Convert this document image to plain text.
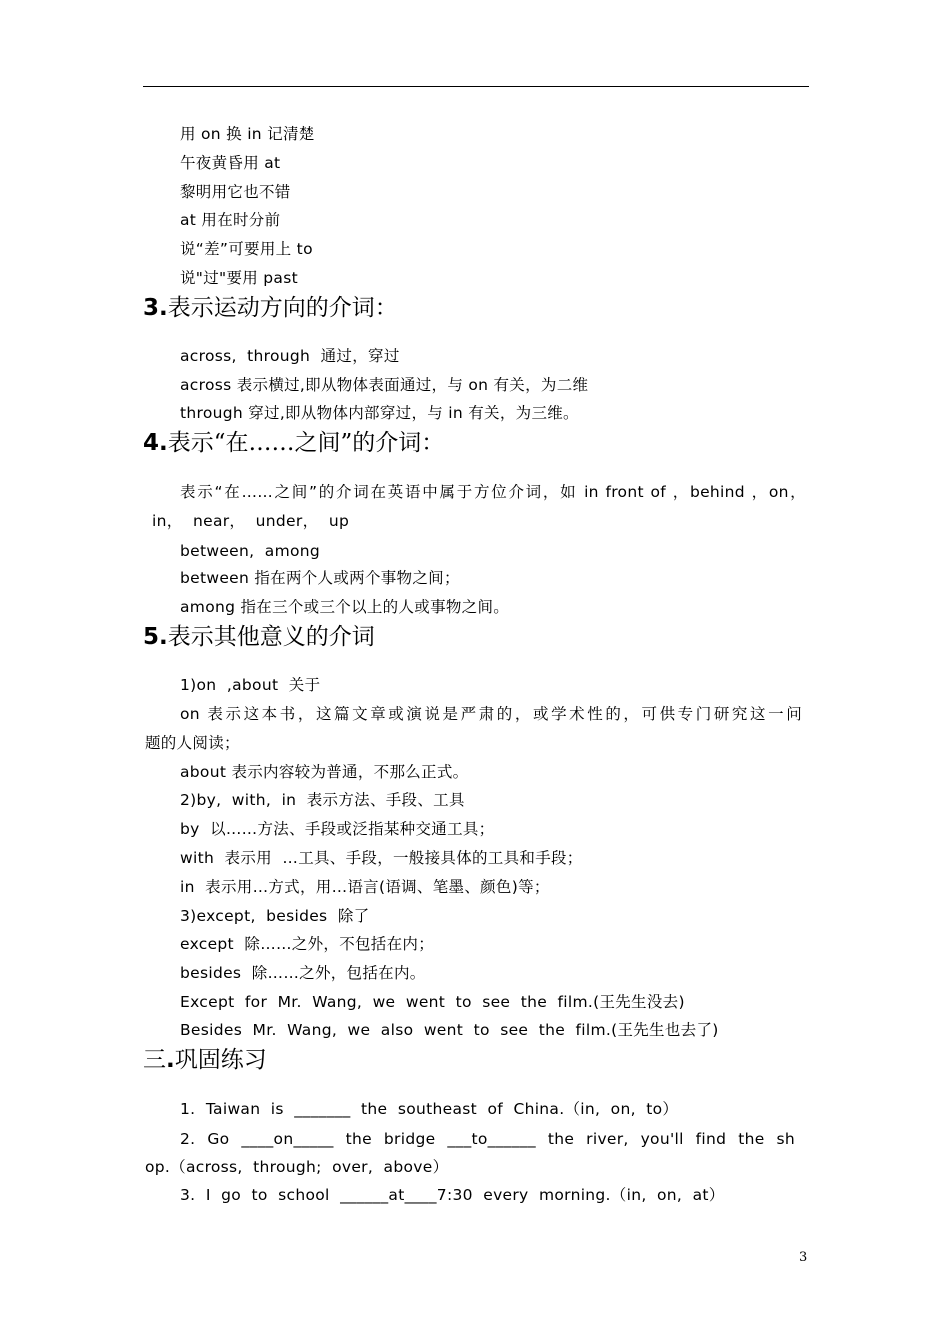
用 on 换 in 记清楚
午夜黄昏用 at
黎明用它也不错
at 用在时分前
说“差”可要用上 to
说"过"要用 past
3.表示运动方向的介词：
across,  through  通过，穿过
across 表示横过,即从物体表面通过，与 on 有关，为二维
through 穿过,即从物体内部穿过，与 in 有关，为三维。
4.表示“在……之间”的介词：
表示“在……之间”的介词在英语中属于方位介词，如 in front of ，behind ，on，
in，  near，  under，  up
between,  among
between 指在两个人或两个事物之间；
among 指在三个或三个以上的人或事物之间。
5.表示其他意义的介词
1)on  ,about  关于
on 表示这本书，这篇文章或演说是严肃的，或学术性的，可供专门研究这一问
题的人阅读；
about 表示内容较为普通，不那么正式。
2)by,  with,  in  表示方法、手段、工具
by  以……方法、手段或泛指某种交通工具；
with  表示用  …工具、手段，一般接具体的工具和手段；
in  表示用…方式，用…语言(语调、笔墨、颜色)等；
3)except,  besides  除了
except  除……之外，不包括在内；
besides  除……之外，包括在内。
Except  for  Mr.  Wang,  we  went  to  see  the  film.(王先生没去)
Besides  Mr.  Wang,  we  also  went  to  see  the  film.(王先生也去了)
三.巩固练习
1.  Taiwan  is  _______  the  southeast  of  China.（in,  on,  to）
2. Go ____on_____ the bridge ___to______ the river, you'll find the sh
op.（across,  through;  over,  above）
3.  I  go  to  school  ______at____7:30  every  morning.（in,  on,  at）
3
